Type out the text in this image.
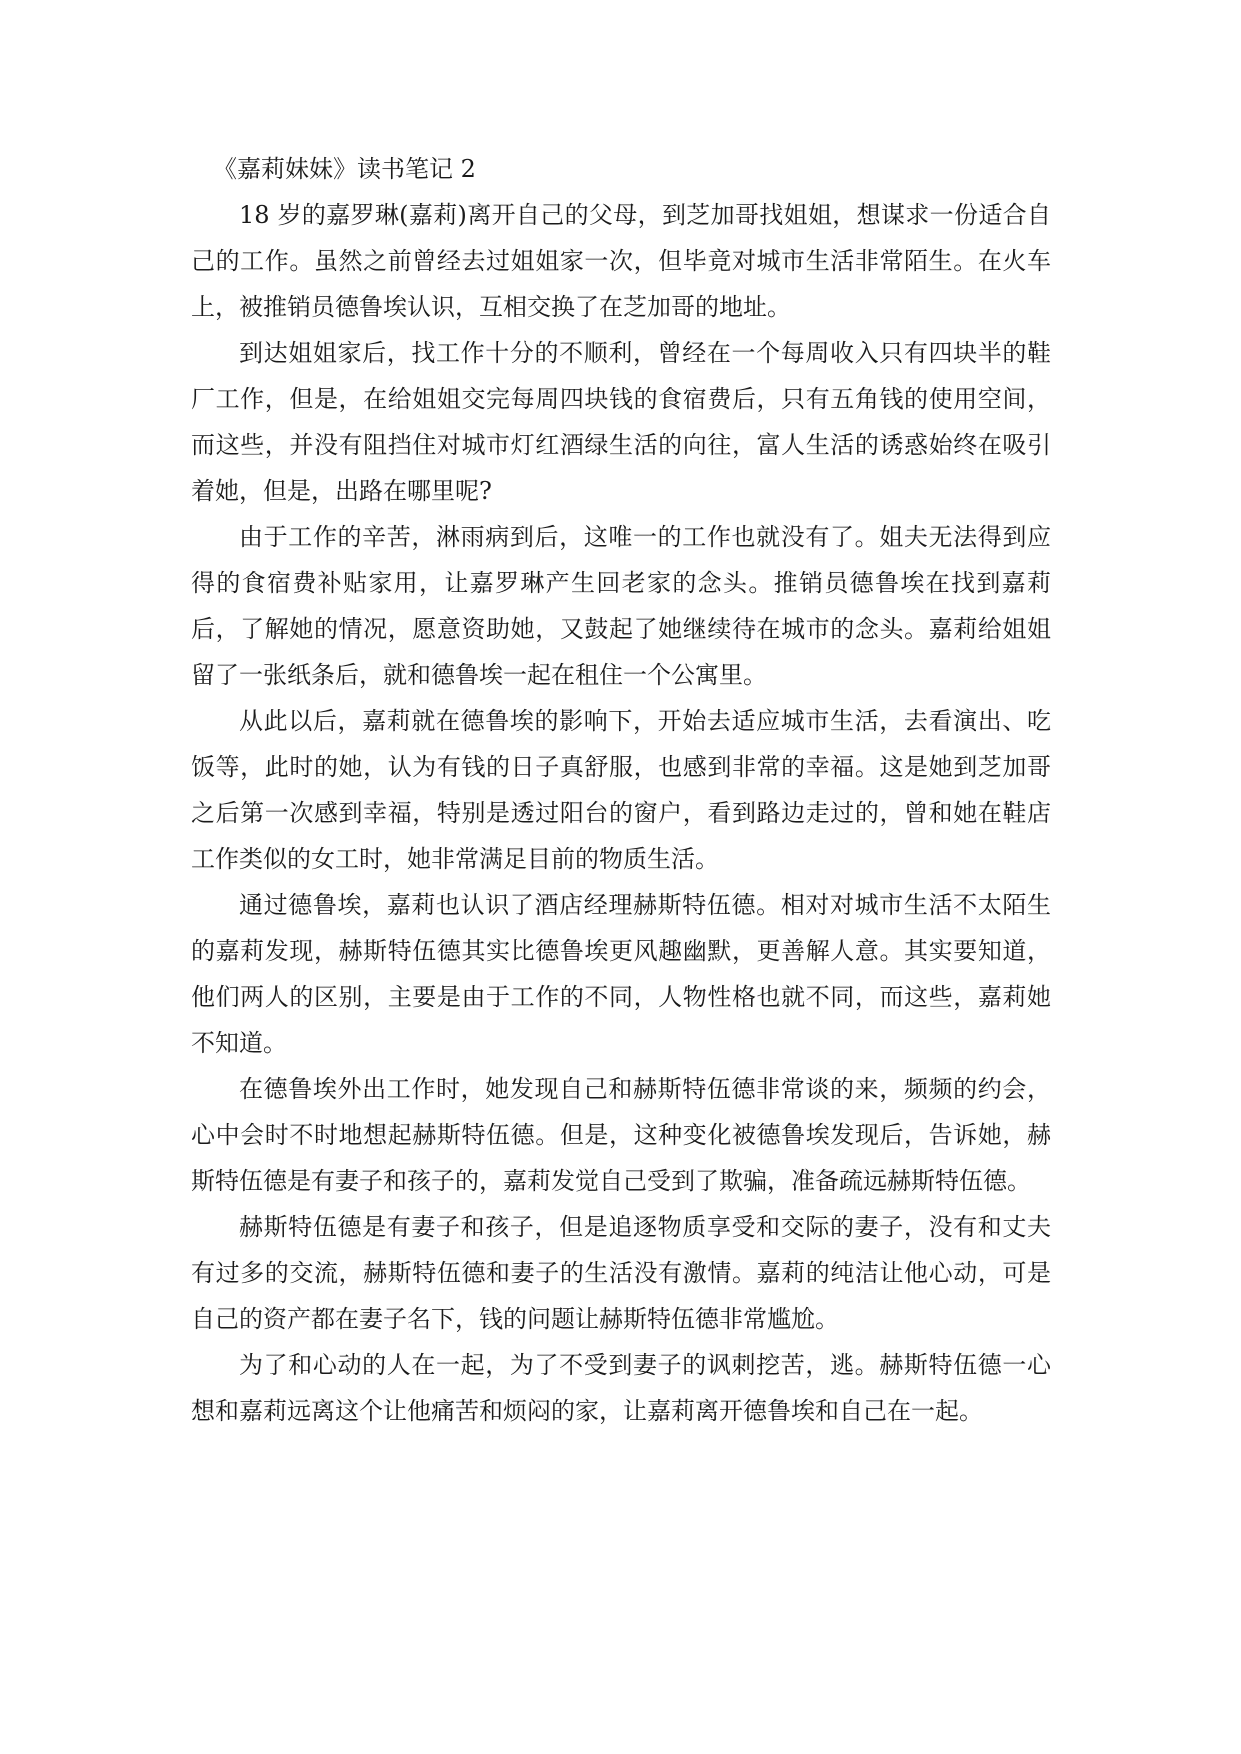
《嘉莉妹妹》读书笔记 2

18 岁的嘉罗琳(嘉莉)离开自己的父母，到芝加哥找姐姐，想谋求一份适合自己的工作。虽然之前曾经去过姐姐家一次，但毕竟对城市生活非常陌生。在火车上，被推销员德鲁埃认识，互相交换了在芝加哥的地址。

到达姐姐家后，找工作十分的不顺利，曾经在一个每周收入只有四块半的鞋厂工作，但是，在给姐姐交完每周四块钱的食宿费后，只有五角钱的使用空间，而这些，并没有阻挡住对城市灯红酒绿生活的向往，富人生活的诱惑始终在吸引着她，但是，出路在哪里呢?

由于工作的辛苦，淋雨病到后，这唯一的工作也就没有了。姐夫无法得到应得的食宿费补贴家用，让嘉罗琳产生回老家的念头。推销员德鲁埃在找到嘉莉后，了解她的情况，愿意资助她，又鼓起了她继续待在城市的念头。嘉莉给姐姐留了一张纸条后，就和德鲁埃一起在租住一个公寓里。

从此以后，嘉莉就在德鲁埃的影响下，开始去适应城市生活，去看演出、吃饭等，此时的她，认为有钱的日子真舒服，也感到非常的幸福。这是她到芝加哥之后第一次感到幸福，特别是透过阳台的窗户，看到路边走过的，曾和她在鞋店工作类似的女工时，她非常满足目前的物质生活。

通过德鲁埃，嘉莉也认识了酒店经理赫斯特伍德。相对对城市生活不太陌生的嘉莉发现，赫斯特伍德其实比德鲁埃更风趣幽默，更善解人意。其实要知道，他们两人的区别，主要是由于工作的不同，人物性格也就不同，而这些，嘉莉她不知道。

在德鲁埃外出工作时，她发现自己和赫斯特伍德非常谈的来，频频的约会，心中会时不时地想起赫斯特伍德。但是，这种变化被德鲁埃发现后，告诉她，赫斯特伍德是有妻子和孩子的，嘉莉发觉自己受到了欺骗，准备疏远赫斯特伍德。

赫斯特伍德是有妻子和孩子，但是追逐物质享受和交际的妻子，没有和丈夫有过多的交流，赫斯特伍德和妻子的生活没有激情。嘉莉的纯洁让他心动，可是自己的资产都在妻子名下，钱的问题让赫斯特伍德非常尴尬。

为了和心动的人在一起，为了不受到妻子的讽刺挖苦，逃。赫斯特伍德一心想和嘉莉远离这个让他痛苦和烦闷的家，让嘉莉离开德鲁埃和自己在一起。
